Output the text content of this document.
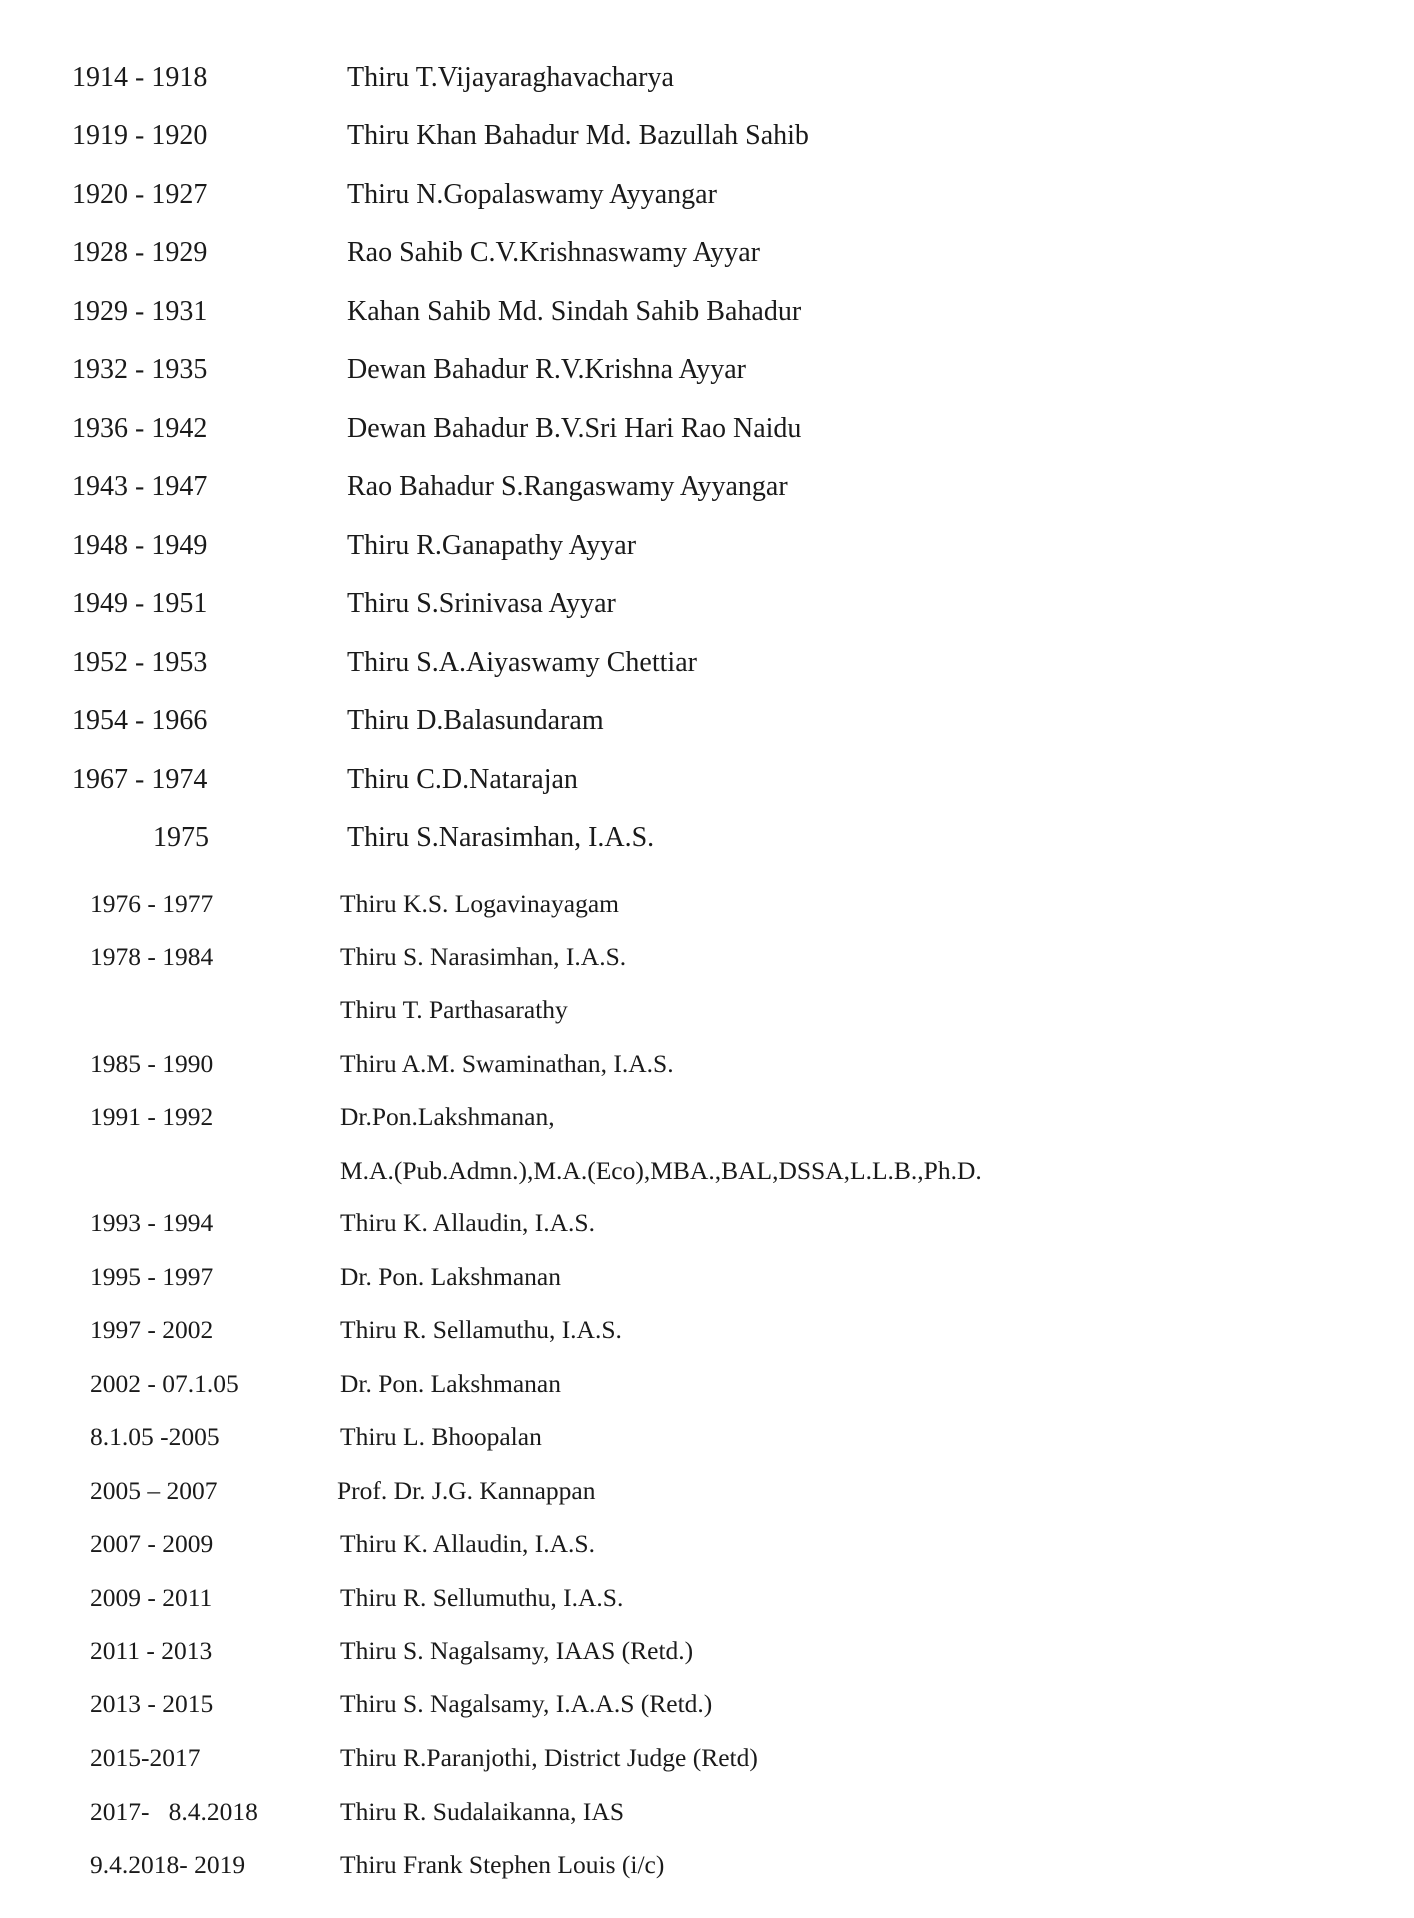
1914 - 1918	Thiru T.Vijayaraghavacharya
1919 - 1920	Thiru Khan Bahadur Md. Bazullah Sahib
1920 - 1927	Thiru N.Gopalaswamy Ayyangar
1928 - 1929	Rao Sahib C.V.Krishnaswamy Ayyar
1929 - 1931	Kahan Sahib Md. Sindah Sahib Bahadur
1932 - 1935	Dewan Bahadur R.V.Krishna Ayyar
1936 - 1942	Dewan Bahadur B.V.Sri Hari Rao Naidu
1943 - 1947	Rao Bahadur S.Rangaswamy Ayyangar
1948 - 1949	Thiru R.Ganapathy Ayyar
1949 - 1951	Thiru S.Srinivasa Ayyar
1952 - 1953	Thiru S.A.Aiyaswamy Chettiar
1954 - 1966	Thiru D.Balasundaram
1967 - 1974	Thiru C.D.Natarajan
1975	Thiru S.Narasimhan, I.A.S.
1976 - 1977	Thiru K.S. Logavinayagam
1978 - 1984	Thiru S. Narasimhan, I.A.S.
Thiru T. Parthasarathy
1985 - 1990	Thiru A.M. Swaminathan, I.A.S.
1991 - 1992	Dr.Pon.Lakshmanan,
M.A.(Pub.Admn.),M.A.(Eco),MBA.,BAL,DSSA,L.L.B.,Ph.D.
1993 - 1994	Thiru K. Allaudin, I.A.S.
1995 - 1997	Dr. Pon. Lakshmanan
1997 - 2002	Thiru R. Sellamuthu, I.A.S.
2002 - 07.1.05	Dr. Pon. Lakshmanan
8.1.05 -2005	Thiru L. Bhoopalan
2005 – 2007	Prof. Dr. J.G. Kannappan
2007 - 2009	Thiru K. Allaudin, I.A.S.
2009 - 2011	Thiru R. Sellumuthu, I.A.S.
2011 - 2013	Thiru S. Nagalsamy, IAAS (Retd.)
2013 - 2015	Thiru S. Nagalsamy, I.A.A.S (Retd.)
2015-2017	Thiru R.Paranjothi, District Judge (Retd)
2017-   8.4.2018	Thiru R. Sudalaikanna, IAS
9.4.2018- 2019	Thiru Frank Stephen Louis (i/c)
